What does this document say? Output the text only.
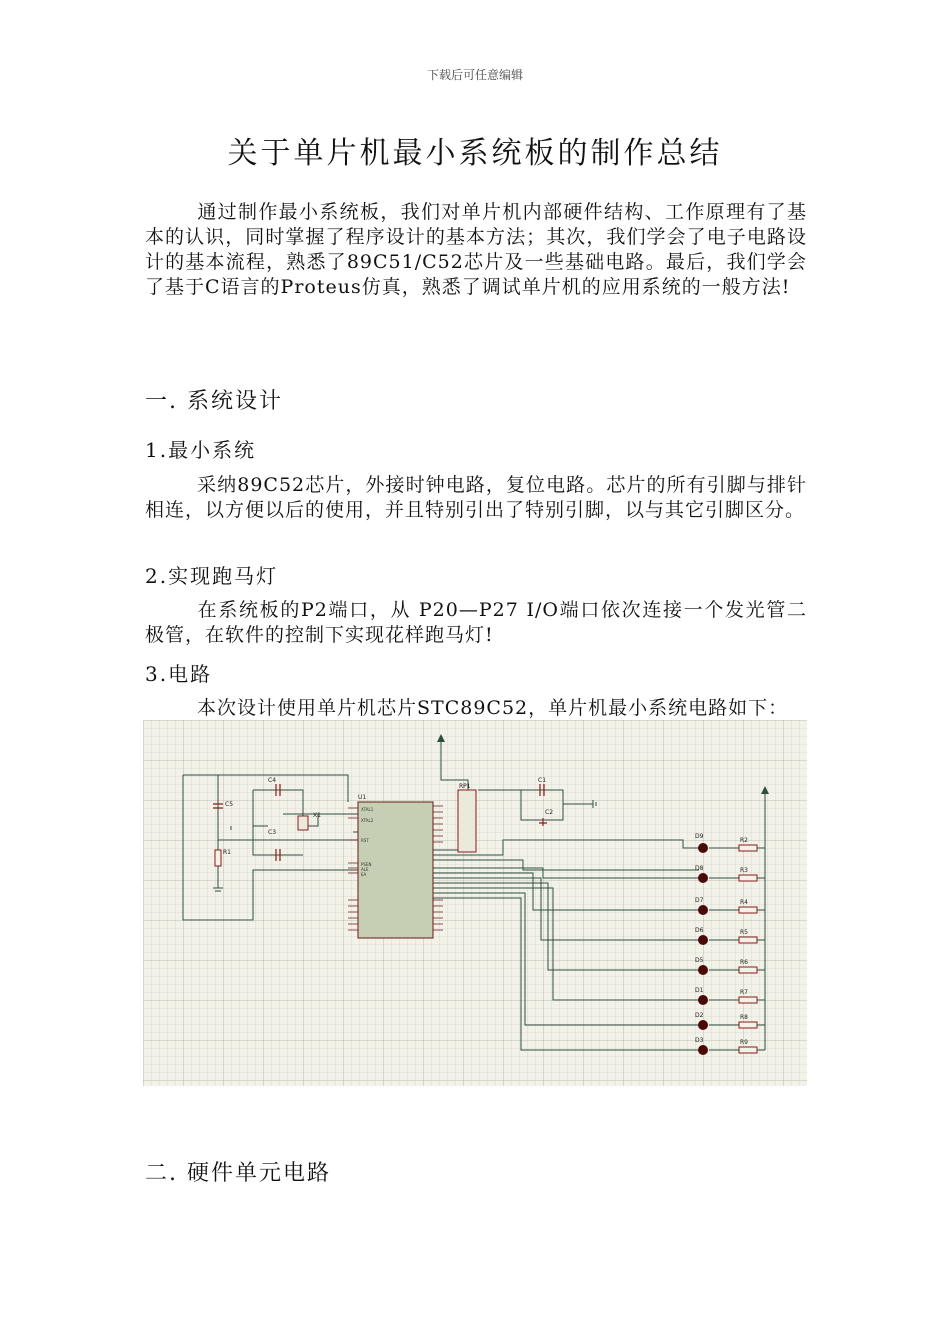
下载后可任意编辑
关于单片机最小系统板的制作总结

通过制作最小系统板，我们对单片机内部硬件结构、工作原理有了基本的认识，同时掌握了程序设计的基本方法；其次，我们学会了电子电路设计的基本流程，熟悉了89C51/C52芯片及一些基础电路。最后，我们学会了基于C语言的Proteus仿真，熟悉了调试单片机的应用系统的一般方法!

一. 系统设计
1.最小系统

采纳89C52芯片，外接时钟电路，复位电路。芯片的所有引脚与排针相连，以方便以后的使用，并且特别引出了特别引脚，以与其它引脚区分。

2.实现跑马灯

在系统板的P2端口，从 P20—P27 I/O端口依次连接一个发光管二极管，在软件的控制下实现花样跑马灯!

3.电路

本次设计使用单片机芯片STC89C52，单片机最小系统电路如下：

C5
C4
C3
C1
C2
R1
X1
U1
XTAL1
XTAL2
RST
PSEN
ALE
EA
RP1
D9
D8
D7
D6
D5
D1
D2
D3
R2
R3
R4
R5
R6
R7
R8
R9
二. 硬件单元电路
